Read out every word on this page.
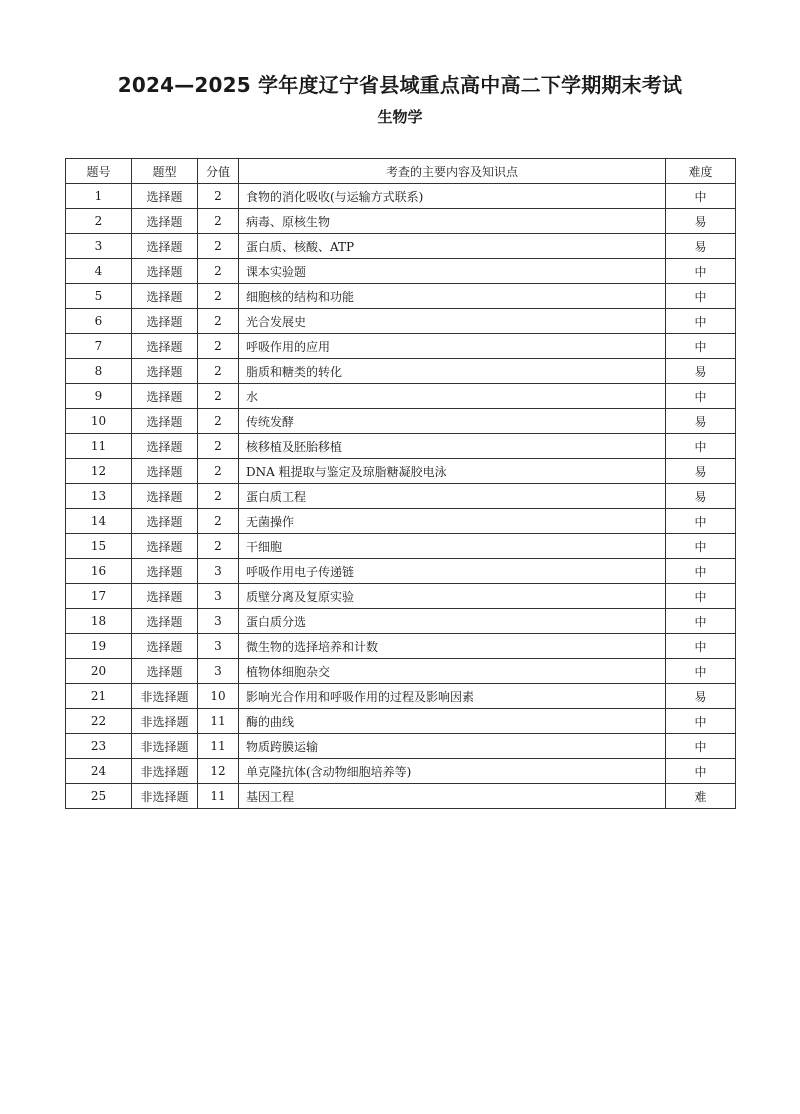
2024—2025 学年度辽宁省县域重点高中高二下学期期末考试
生物学
题号	题型	分值	考查的主要内容及知识点	难度
1	选择题	2	食物的消化吸收(与运输方式联系)	中
2	选择题	2	病毒、原核生物	易
3	选择题	2	蛋白质、核酸、ATP	易
4	选择题	2	课本实验题	中
5	选择题	2	细胞核的结构和功能	中
6	选择题	2	光合发展史	中
7	选择题	2	呼吸作用的应用	中
8	选择题	2	脂质和糖类的转化	易
9	选择题	2	水	中
10	选择题	2	传统发酵	易
11	选择题	2	核移植及胚胎移植	中
12	选择题	2	DNA 粗提取与鉴定及琼脂糖凝胶电泳	易
13	选择题	2	蛋白质工程	易
14	选择题	2	无菌操作	中
15	选择题	2	干细胞	中
16	选择题	3	呼吸作用电子传递链	中
17	选择题	3	质壁分离及复原实验	中
18	选择题	3	蛋白质分选	中
19	选择题	3	微生物的选择培养和计数	中
20	选择题	3	植物体细胞杂交	中
21	非选择题	10	影响光合作用和呼吸作用的过程及影响因素	易
22	非选择题	11	酶的曲线	中
23	非选择题	11	物质跨膜运输	中
24	非选择题	12	单克隆抗体(含动物细胞培养等)	中
25	非选择题	11	基因工程	难
